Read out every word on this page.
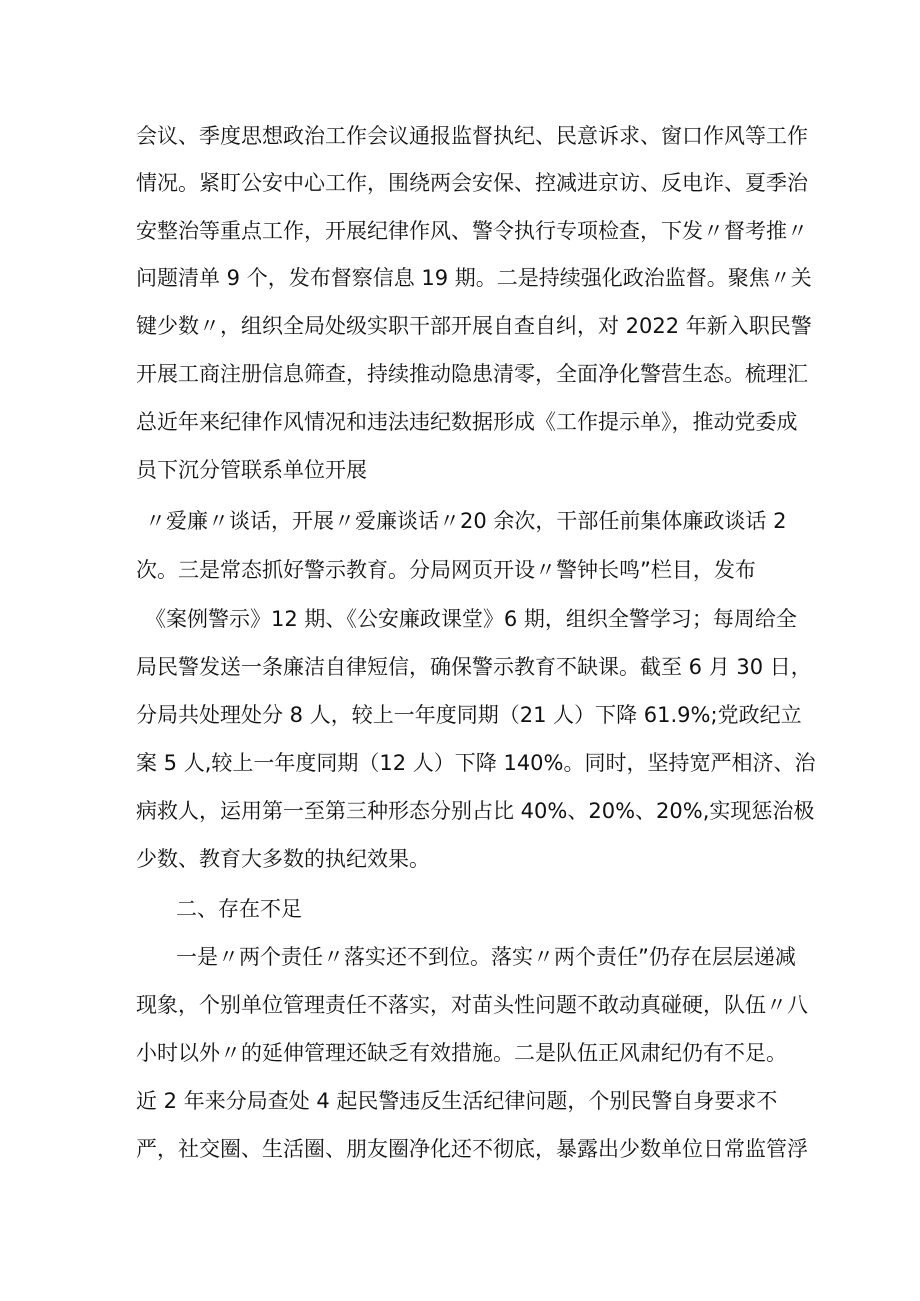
会议、季度思想政治工作会议通报监督执纪、民意诉求、窗口作风等工作
情况。紧盯公安中心工作，围绕两会安保、控减进京访、反电诈、夏季治
安整治等重点工作，开展纪律作风、警令执行专项检查，下发〃督考推〃
问题清单 9 个，发布督察信息 19 期。二是持续强化政治监督。聚焦〃关
键少数〃，组织全局处级实职干部开展自查自纠，对 2022 年新入职民警
开展工商注册信息筛查，持续推动隐患清零，全面净化警营生态。梳理汇
总近年来纪律作风情况和违法违纪数据形成《工作提示单》，推动党委成
员下沉分管联系单位开展
〃爱廉〃谈话，开展〃爱廉谈话〃20 余次，干部任前集体廉政谈话 2
次。三是常态抓好警示教育。分局网页开设〃警钟长鸣”栏目，发布
《案例警示》12 期、《公安廉政课堂》6 期，组织全警学习；每周给全
局民警发送一条廉洁自律短信，确保警示教育不缺课。截至 6 月 30 日，
分局共处理处分 8 人，较上一年度同期（21 人）下降 61.9%;党政纪立
案 5 人,较上一年度同期（12 人）下降 140%。同时，坚持宽严相济、治
病救人，运用第一至第三种形态分别占比 40%、20%、20%,实现惩治极
少数、教育大多数的执纪效果。
二、存在不足
一是〃两个责任〃落实还不到位。落实〃两个责任”仍存在层层递减
现象，个别单位管理责任不落实，对苗头性问题不敢动真碰硬，队伍〃八
小时以外〃的延伸管理还缺乏有效措施。二是队伍正风肃纪仍有不足。
近 2 年来分局查处 4 起民警违反生活纪律问题，个别民警自身要求不
严，社交圈、生活圈、朋友圈净化还不彻底，暴露出少数单位日常监管浮
